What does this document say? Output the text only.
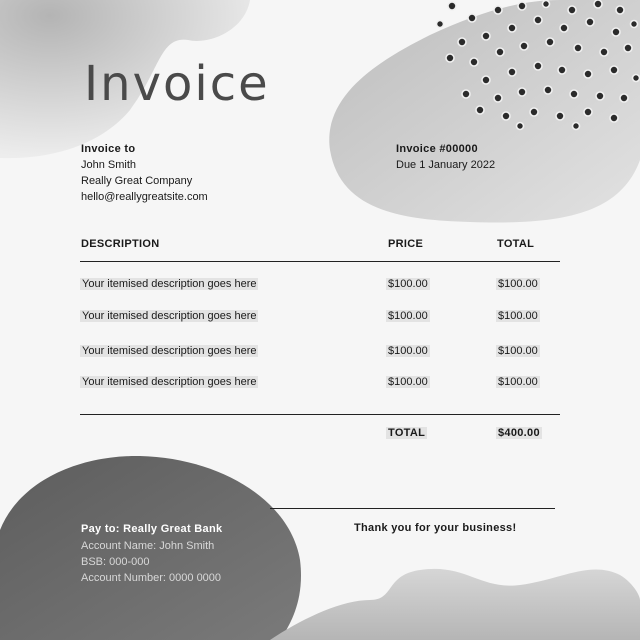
Invoice
Invoice to
John Smith
Really Great Company
hello@reallygreatsite.com
Invoice #00000
Due 1 January 2022
DESCRIPTION	PRICE	TOTAL
Your itemised description goes here	$100.00	$100.00
Your itemised description goes here	$100.00	$100.00
Your itemised description goes here	$100.00	$100.00
Your itemised description goes here	$100.00	$100.00
TOTAL	$400.00
Pay to: Really Great Bank
Account Name: John Smith
BSB: 000-000
Account Number: 0000 0000
Thank you for your business!
